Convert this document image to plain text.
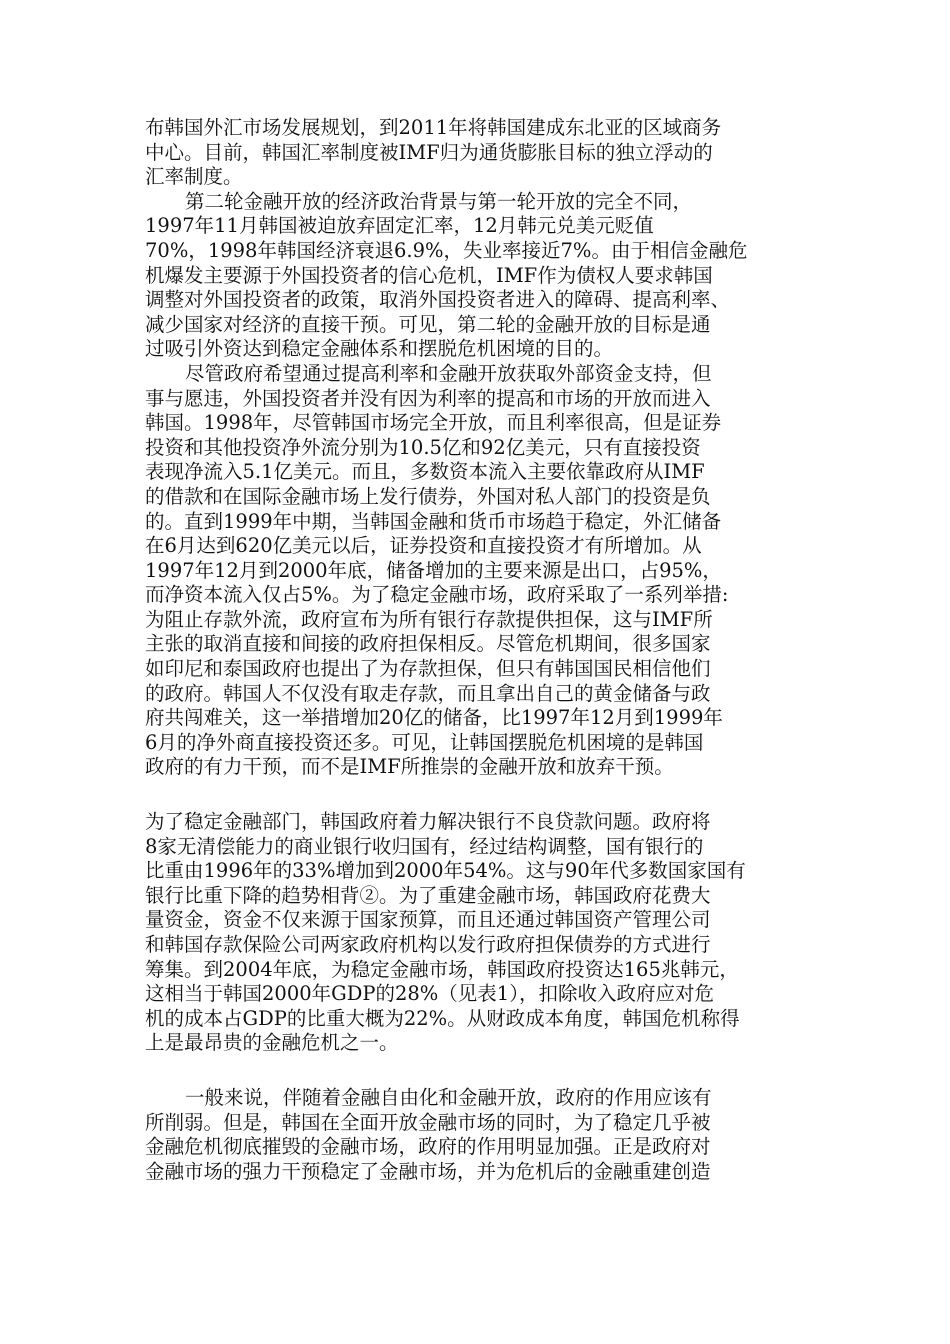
布韩国外汇市场发展规划，到2011年将韩国建成东北亚的区域商务
中心。目前，韩国汇率制度被IMF归为通货膨胀目标的独立浮动的
汇率制度。
第二轮金融开放的经济政治背景与第一轮开放的完全不同，
1997年11月韩国被迫放弃固定汇率，12月韩元兑美元贬值
70%，1998年韩国经济衰退6.9%，失业率接近7%。由于相信金融危
机爆发主要源于外国投资者的信心危机，IMF作为债权人要求韩国
调整对外国投资者的政策，取消外国投资者进入的障碍、提高利率、
减少国家对经济的直接干预。可见，第二轮的金融开放的目标是通
过吸引外资达到稳定金融体系和摆脱危机困境的目的。
尽管政府希望通过提高利率和金融开放获取外部资金支持，但
事与愿违，外国投资者并没有因为利率的提高和市场的开放而进入
韩国。1998年，尽管韩国市场完全开放，而且利率很高，但是证券
投资和其他投资净外流分别为10.5亿和92亿美元，只有直接投资
表现净流入5.1亿美元。而且，多数资本流入主要依靠政府从IMF
的借款和在国际金融市场上发行债券，外国对私人部门的投资是负
的。直到1999年中期，当韩国金融和货币市场趋于稳定，外汇储备
在6月达到620亿美元以后，证券投资和直接投资才有所增加。从
1997年12月到2000年底，储备增加的主要来源是出口，占95%，
而净资本流入仅占5%。为了稳定金融市场，政府采取了一系列举措:
为阻止存款外流，政府宣布为所有银行存款提供担保，这与IMF所
主张的取消直接和间接的政府担保相反。尽管危机期间，很多国家
如印尼和泰国政府也提出了为存款担保，但只有韩国国民相信他们
的政府。韩国人不仅没有取走存款，而且拿出自己的黄金储备与政
府共闯难关，这一举措增加20亿的储备，比1997年12月到1999年
6月的净外商直接投资还多。可见，让韩国摆脱危机困境的是韩国
政府的有力干预，而不是IMF所推崇的金融开放和放弃干预。
为了稳定金融部门，韩国政府着力解决银行不良贷款问题。政府将
8家无清偿能力的商业银行收归国有，经过结构调整，国有银行的
比重由1996年的33%增加到2000年54%。这与90年代多数国家国有
银行比重下降的趋势相背②。为了重建金融市场，韩国政府花费大
量资金，资金不仅来源于国家预算，而且还通过韩国资产管理公司
和韩国存款保险公司两家政府机构以发行政府担保债券的方式进行
筹集。到2004年底，为稳定金融市场，韩国政府投资达165兆韩元，
这相当于韩国2000年GDP的28%（见表1），扣除收入政府应对危
机的成本占GDP的比重大概为22%。从财政成本角度，韩国危机称得
上是最昂贵的金融危机之一。
一般来说，伴随着金融自由化和金融开放，政府的作用应该有
所削弱。但是，韩国在全面开放金融市场的同时，为了稳定几乎被
金融危机彻底摧毁的金融市场，政府的作用明显加强。正是政府对
金融市场的强力干预稳定了金融市场，并为危机后的金融重建创造
